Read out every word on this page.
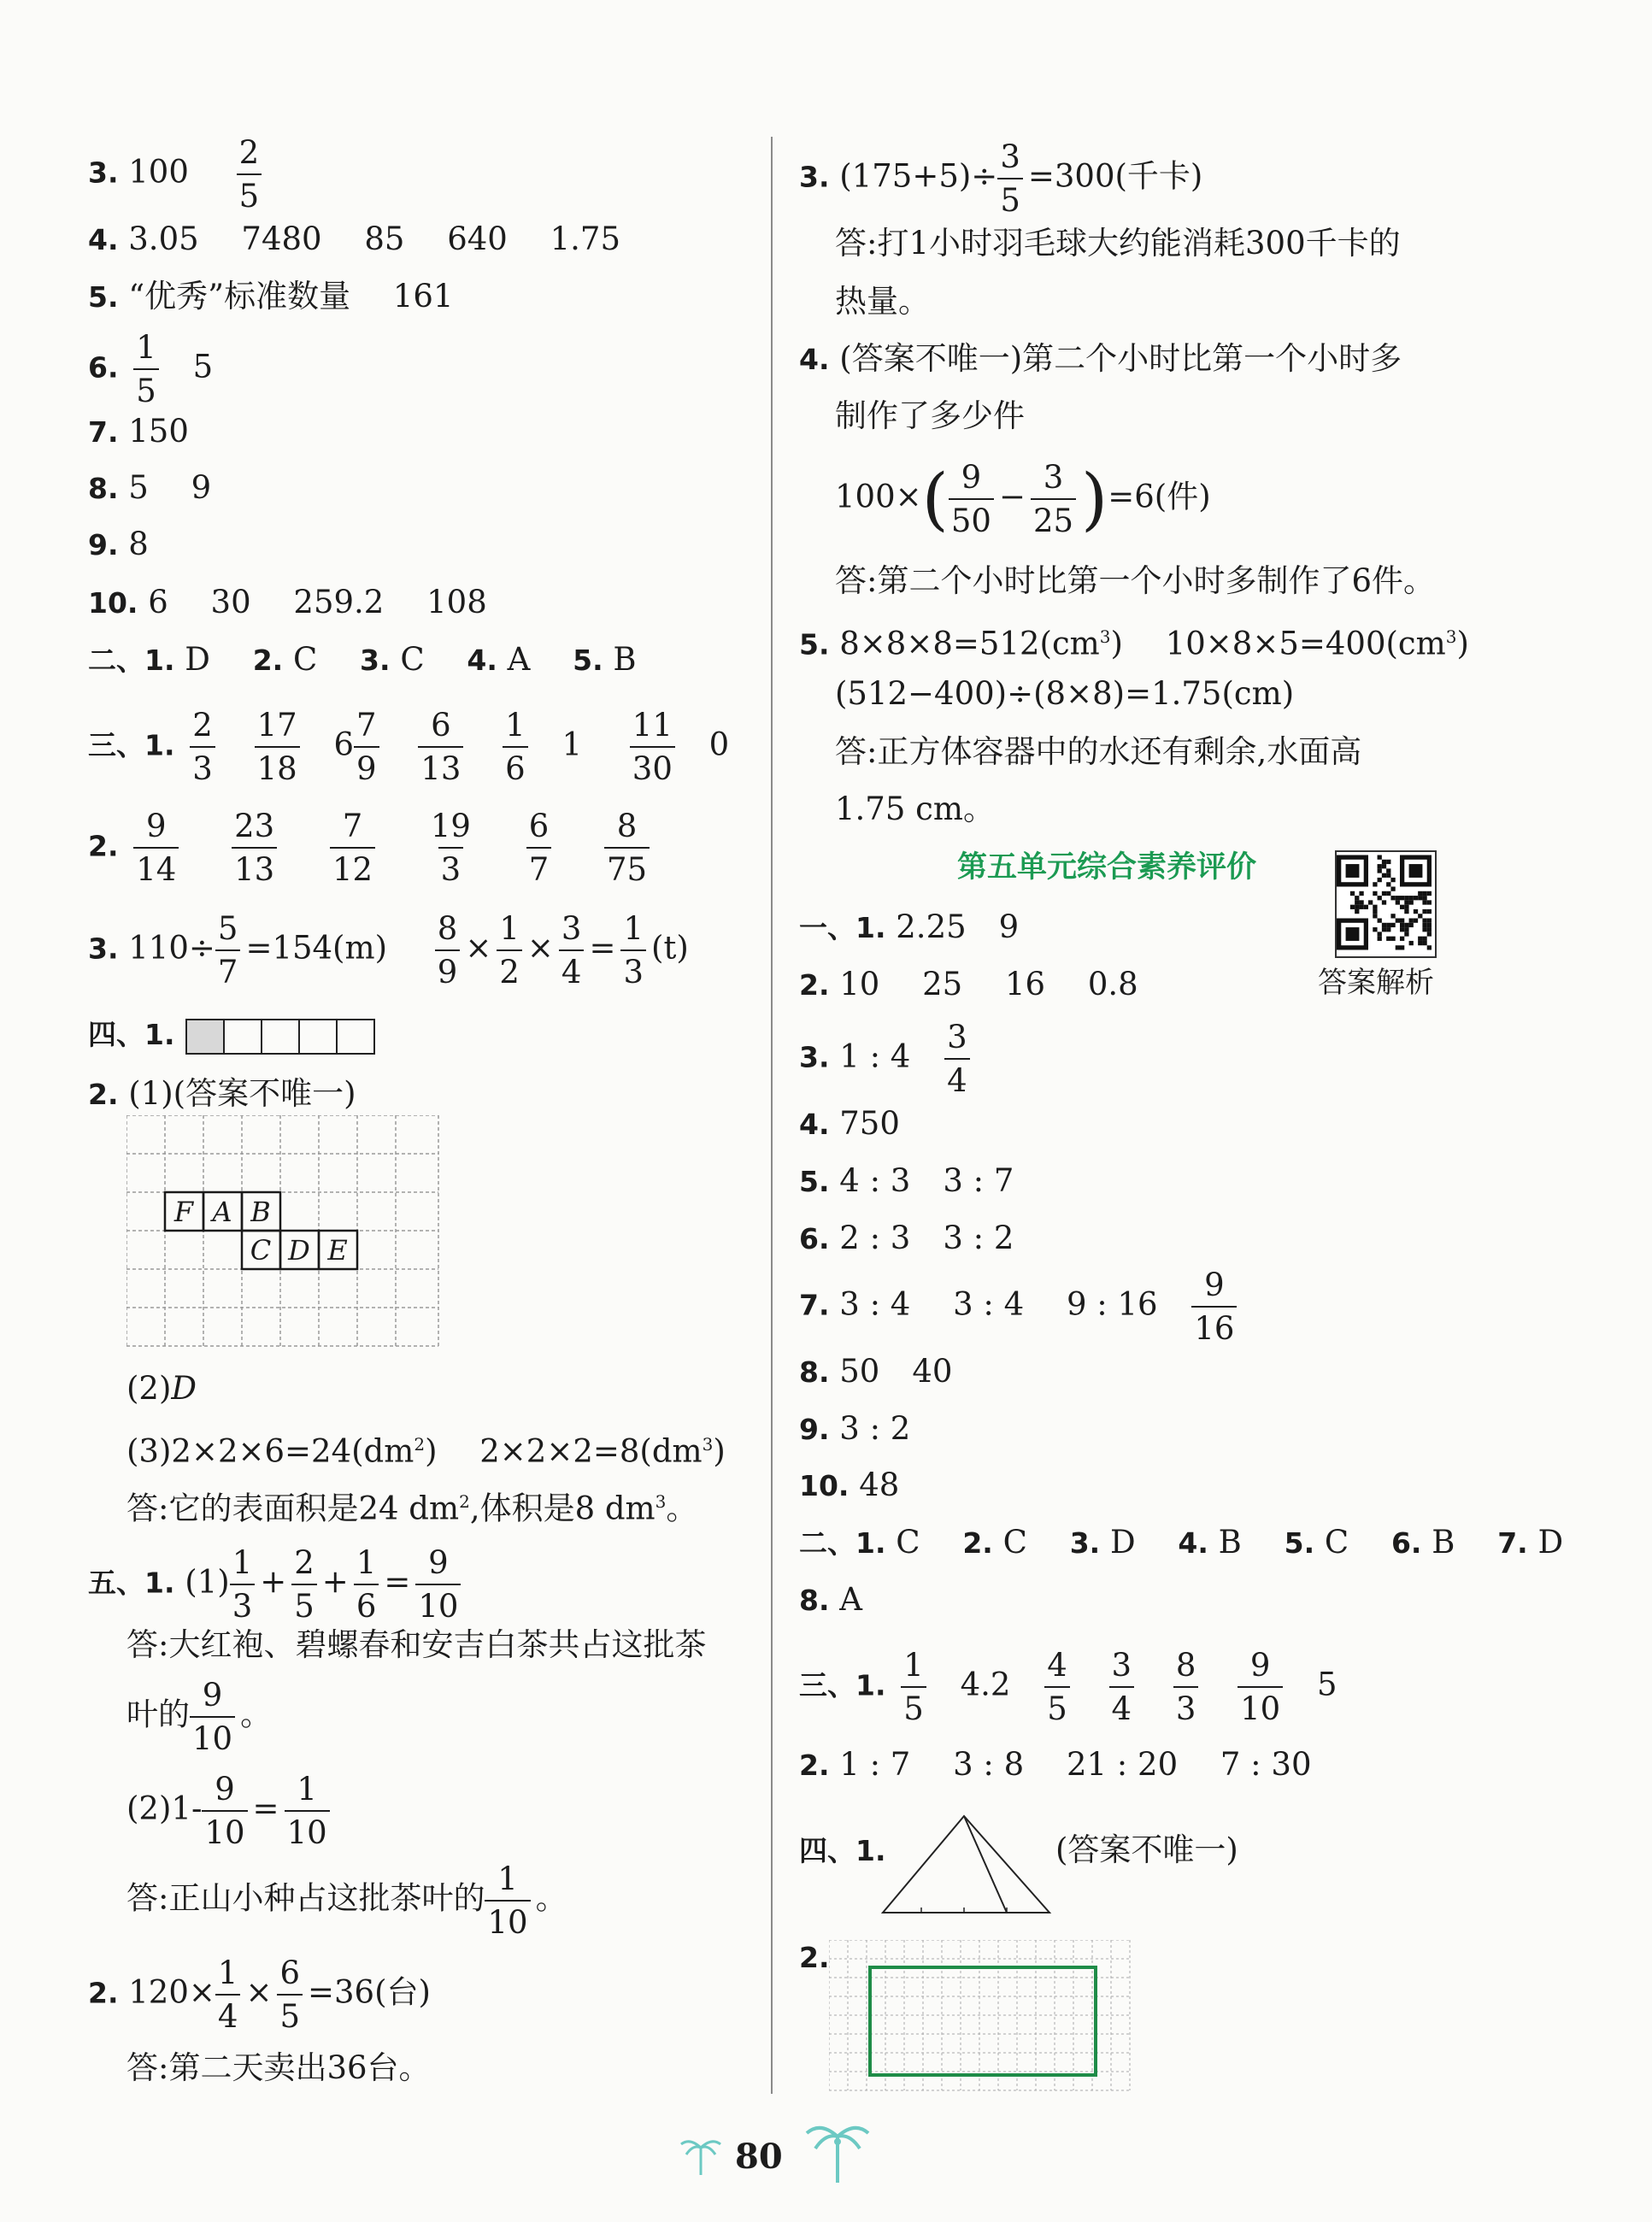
3. $100 \frac{2}{5}$
4. 3.05 7480 85 640 1.75
5. “优秀”标准数量 161
6. $\frac{1}{5} 5$
7. 150
8. 5 9
9. 8
10. 6 30 259.2 108
二、1. D 2. C 3. C 4. A 5. B
三、1. $\frac{2}{3}$
$\frac{17}{18} 6 \frac{7}{9}$
$\frac{6}{13}$
$\frac{1}{6} 1 \frac{11}{30} 0$
2. $\frac{9}{14}$
$\frac{23}{13}$
$\frac{7}{12}$
$\frac{19}{3}$
$\frac{6}{7}$
$\frac{8}{75}$
3. $110\div \frac{5}{7} =154(m) \frac{8}{9} \times \frac{1}{2} \times \frac{3}{4} = \frac{1}{3} (t)$
四、1.
2. (1)(答案不唯一)
F A B
C D E
(2)D
$(3)2\times 2\times 6=24(dm^2)$ $2\times 2\times 2=8(dm^3)$
答:它的表面积是24 $dm^2$,体积是8 $dm^3$。
五、1. $(1) \frac{1}{3} + \frac{2}{5} + \frac{1}{6} = \frac{9}{10}$
答:大红袍、碧螺春和安吉白茶共占这批茶
叶的 $\frac{9}{10}$ 。
$(2)1- \frac{9}{10} = \frac{1}{10}$
答:正山小种占这批茶叶的 $\frac{1}{10}$ 。
2. $120\times \frac{1}{4} \times \frac{6}{5} =36$(台)
答:第二天卖出36台。
3. $(175+5)\div \frac{3}{5} =300$(千卡)
答:打1小时羽毛球大约能消耗300千卡的
热量。
4. (答案不唯一)第二个小时比第一个小时多
制作了多少件
$100\times( \frac{9}{50} - \frac{3}{25} )=6$(件)
答:第二个小时比第一个小时多制作了6件。
5. $8\times 8\times 8=512(cm^3)$ $10\times 8\times 5=400(cm^3)$
(512−400)÷(8×8)=1.75(cm)
答:正方体容器中的水还有剩余,水面高
1.75 cm。
第五单元综合素养评价
一、1. 2.25 9
2. 10 25 16 0.8
3. 1 : $4 \frac{3}{4}$
4. 750
5. 4 : 3 3 : 7
6. 2 : 3 3 : 2
7. 3 : 4 3 : 4 9 : $16 \frac{9}{16}$
8. 50 40
9. 3 : 2
10. 48
二、1. C 2. C 3. D 4. B 5. C 6. B 7. D
8. A
三、1. $\frac{1}{5} 4.2 \frac{4}{5}$
$\frac{3}{4}$
$\frac{8}{3}$
$\frac{9}{10} 5$
2. 1 : 7 3 : 8 21 : 20 7 : 30
四、1.	(答案不唯一)
2.
答案解析
80
